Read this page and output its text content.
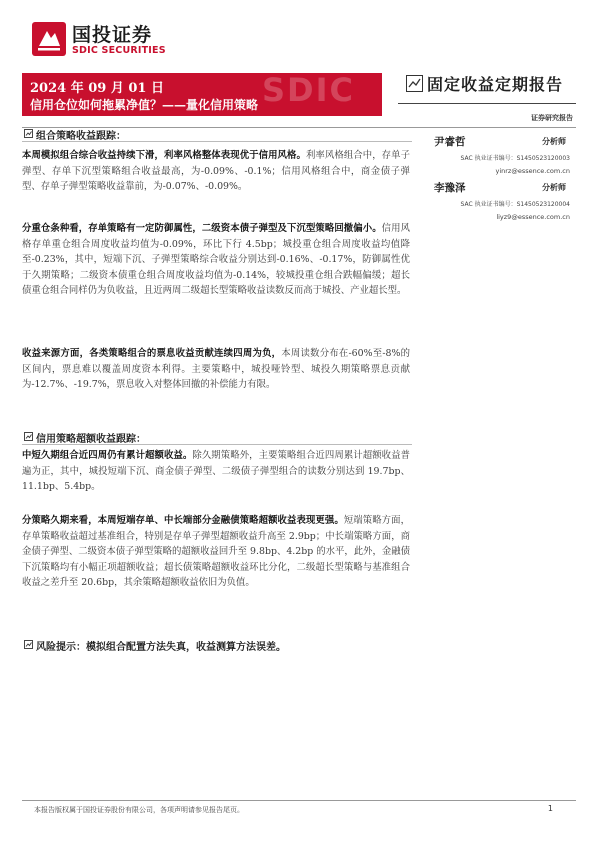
国投证券
SDIC SECURITIES
SDIC
2024 年 09 月 01 日
信用仓位如何拖累净值？——量化信用策略
固定收益定期报告
证券研究报告
尹睿哲	分析师
SAC 执业证书编号：S1450523120003
yinrz@essence.com.cn
李豫泽	分析师
SAC 执业证书编号：S1450523120004
liyz9@essence.com.cn
组合策略收益跟踪：
本周模拟组合综合收益持续下滑，利率风格整体表现优于信用风格。利率风格组合中，存单子弹型、存单下沉型策略组合收益最高，为-0.09%、-0.1%；信用风格组合中，商金债子弹型、存单子弹型策略收益靠前，为-0.07%、-0.09%。
分重仓条种看，存单策略有一定防御属性，二级资本债子弹型及下沉型策略回撤偏小。信用风格存单重仓组合周度收益均值为-0.09%，环比下行 4.5bp；城投重仓组合周度收益均值降至-0.23%，其中，短端下沉、子弹型策略综合收益分别达到-0.16%、-0.17%，防御属性优于久期策略；二级资本债重仓组合周度收益均值为-0.14%，较城投重仓组合跌幅偏缓；超长债重仓组合同样仍为负收益，且近两周二级超长型策略收益读数反而高于城投、产业超长型。
收益来源方面，各类策略组合的票息收益贡献连续四周为负，本周读数分布在-60%至-8%的区间内，票息难以覆盖周度资本利得。主要策略中，城投哑铃型、城投久期策略票息贡献为-12.7%、-19.7%，票息收入对整体回撤的补偿能力有限。
信用策略超额收益跟踪：
中短久期组合近四周仍有累计超额收益。除久期策略外，主要策略组合近四周累计超额收益普遍为正，其中，城投短端下沉、商金债子弹型、二级债子弹型组合的读数分别达到 19.7bp、11.1bp、5.4bp。
分策略久期来看，本周短端存单、中长端部分金融债策略超额收益表现更强。短端策略方面，存单策略收益超过基准组合，特别是存单子弹型超额收益升高至 2.9bp；中长端策略方面，商金债子弹型、二级资本债子弹型策略的超额收益回升至 9.8bp、4.2bp 的水平，此外，金融债下沉策略均有小幅正项超额收益；超长债策略超额收益环比分化，二级超长型策略与基准组合收益之差升至 20.6bp，其余策略超额收益依旧为负值。
风险提示：模拟组合配置方法失真，收益测算方法误差。
本报告版权属于国投证券股份有限公司，各项声明请参见报告尾页。	1
